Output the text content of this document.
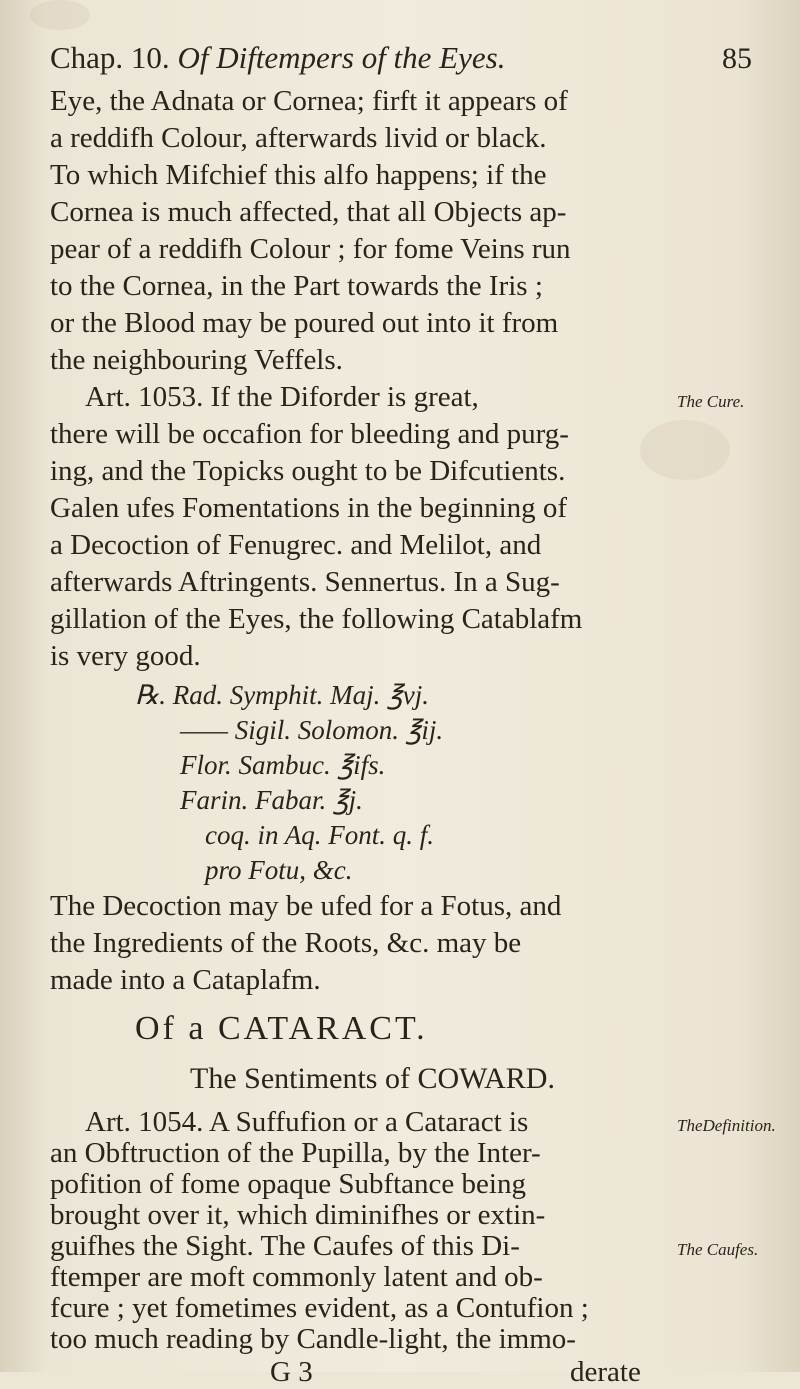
Chap. 10. Of Diftempers of the Eyes.	85
Eye, the Adnata or Cornea; firft it appears of
a reddifh Colour, afterwards livid or black.
To which Mifchief this alfo happens; if the
Cornea is much affected, that all Objects ap-
pear of a reddifh Colour ; for fome Veins run
to the Cornea, in the Part towards the Iris ;
or the Blood may be poured out into it from
the neighbouring Veffels.
Art. 1053. If the Diforder is great,
there will be occafion for bleeding and purg-
ing, and the Topicks ought to be Difcutients.
Galen ufes Fomentations in the beginning of
a Decoction of Fenugrec. and Melilot, and
afterwards Aftringents. Sennertus. In a Sug-
gillation of the Eyes, the following Catablafm
is very good.
The Cure.
℞. Rad. Symphit. Maj. ℥vj.
—— Sigil. Solomon. ℥ij.
Flor. Sambuc. ℥ifs.
Farin. Fabar. ℥j.
coq. in Aq. Font. q. f.
pro Fotu, &c.
The Decoction may be ufed for a Fotus, and
the Ingredients of the Roots, &c. may be
made into a Cataplafm.
Of a CATARACT.
The Sentiments of COWARD.
Art. 1054. A Suffufion or a Cataract is
an Obftruction of the Pupilla, by the Inter-
pofition of fome opaque Subftance being
brought over it, which diminifhes or extin-
guifhes the Sight. The Caufes of this Di-
ftemper are moft commonly latent and ob-
fcure ; yet fometimes evident, as a Contufion ;
too much reading by Candle-light, the immo-
TheDefinition.
The Caufes.
G 3	derate
